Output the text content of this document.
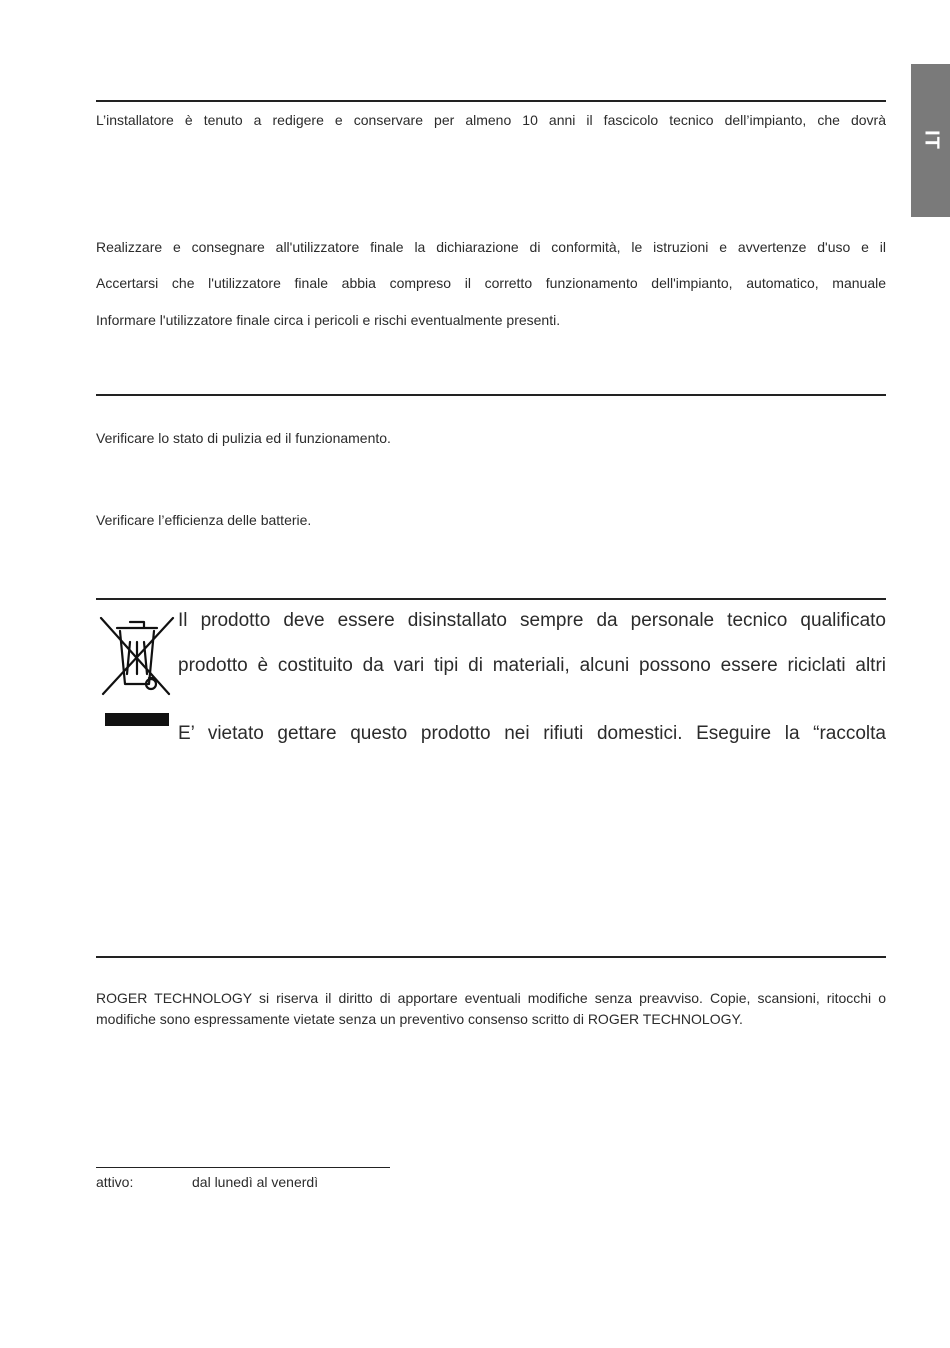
IT

L’installatore è tenuto a redigere e conservare per almeno 10 anni il fascicolo tecnico dell’impianto, che dovrà

Realizzare e consegnare all'utilizzatore finale la dichiarazione di conformità, le istruzioni e avvertenze d'uso e il

Accertarsi che l'utilizzatore finale abbia compreso il corretto funzionamento dell'impianto, automatico, manuale

Informare l'utilizzatore finale circa i pericoli e rischi eventualmente presenti.

Verificare lo stato di pulizia ed il funzionamento.

Verificare l’efficienza delle batterie.

Il prodotto deve essere disinstallato sempre da personale tecnico qualificato

prodotto è costituito da vari tipi di materiali, alcuni possono essere riciclati altri

E’ vietato gettare questo prodotto nei rifiuti domestici. Eseguire la “raccolta

ROGER TECHNOLOGY si riserva il diritto di apportare eventuali modifiche senza preavviso. Copie, scansioni, ritocchi o modifiche sono espressamente vietate senza un preventivo consenso scritto di ROGER TECHNOLOGY.

attivo:	dal lunedì al venerdì
